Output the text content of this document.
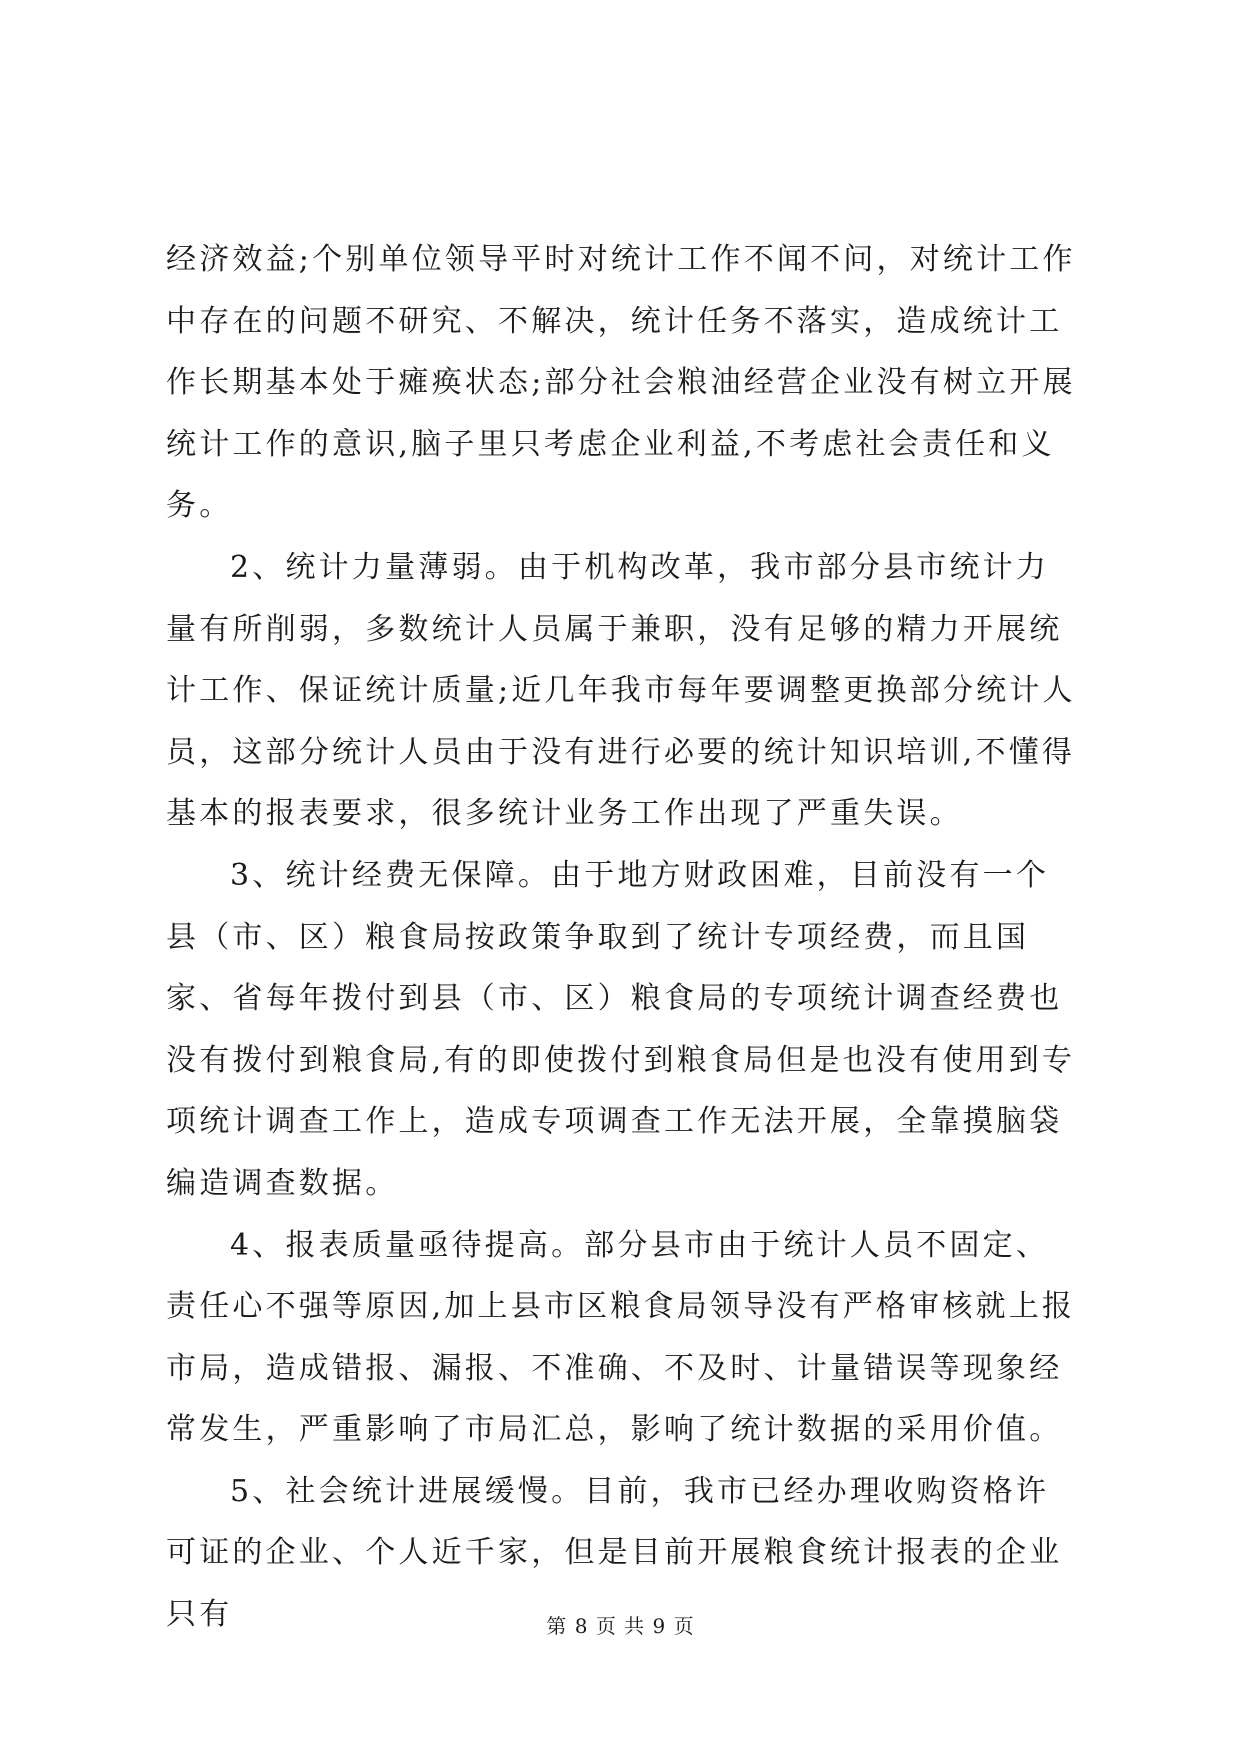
经济效益;个别单位领导平时对统计工作不闻不问，对统计工作中存在的问题不研究、不解决，统计任务不落实，造成统计工作长期基本处于瘫痪状态;部分社会粮油经营企业没有树立开展统计工作的意识,脑子里只考虑企业利益,不考虑社会责任和义务。

2、统计力量薄弱。由于机构改革，我市部分县市统计力量有所削弱，多数统计人员属于兼职，没有足够的精力开展统计工作、保证统计质量;近几年我市每年要调整更换部分统计人员，这部分统计人员由于没有进行必要的统计知识培训,不懂得基本的报表要求，很多统计业务工作出现了严重失误。

3、统计经费无保障。由于地方财政困难，目前没有一个县（市、区）粮食局按政策争取到了统计专项经费，而且国家、省每年拨付到县（市、区）粮食局的专项统计调查经费也没有拨付到粮食局,有的即使拨付到粮食局但是也没有使用到专项统计调查工作上，造成专项调查工作无法开展，全靠摸脑袋编造调查数据。

4、报表质量亟待提高。部分县市由于统计人员不固定、责任心不强等原因,加上县市区粮食局领导没有严格审核就上报市局，造成错报、漏报、不准确、不及时、计量错误等现象经常发生，严重影响了市局汇总，影响了统计数据的采用价值。

5、社会统计进展缓慢。目前，我市已经办理收购资格许可证的企业、个人近千家，但是目前开展粮食统计报表的企业只有	第 8 页 共 9 页
